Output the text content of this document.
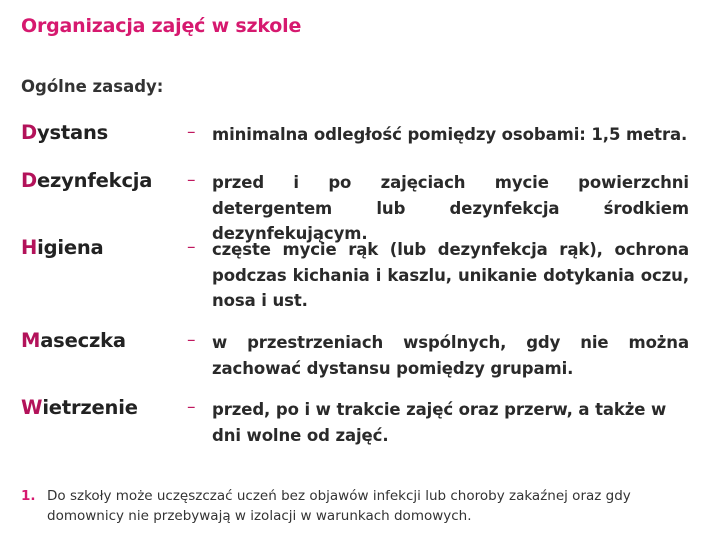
Organizacja zajęć w szkole
Ogólne zasady:
Dystans	– minimalna odległość pomiędzy osobami: 1,5 metra.
Dezynfekcja – przed i po zajęciach mycie powierzchni detergentem lub dezynfekcja środkiem dezynfekującym.
Higiena	– częste mycie rąk (lub dezynfekcja rąk), ochrona podczas kichania i kaszlu, unikanie dotykania oczu, nosa i ust.
Maseczka	– w przestrzeniach wspólnych, gdy nie można zachować dystansu pomiędzy grupami.
Wietrzenie	– przed, po i w trakcie zajęć oraz przerw, a także w dni wolne od zajęć.
1. Do szkoły może uczęszczać uczeń bez objawów infekcji lub choroby zakaźnej oraz gdy domownicy nie przebywają w izolacji w warunkach domowych.
